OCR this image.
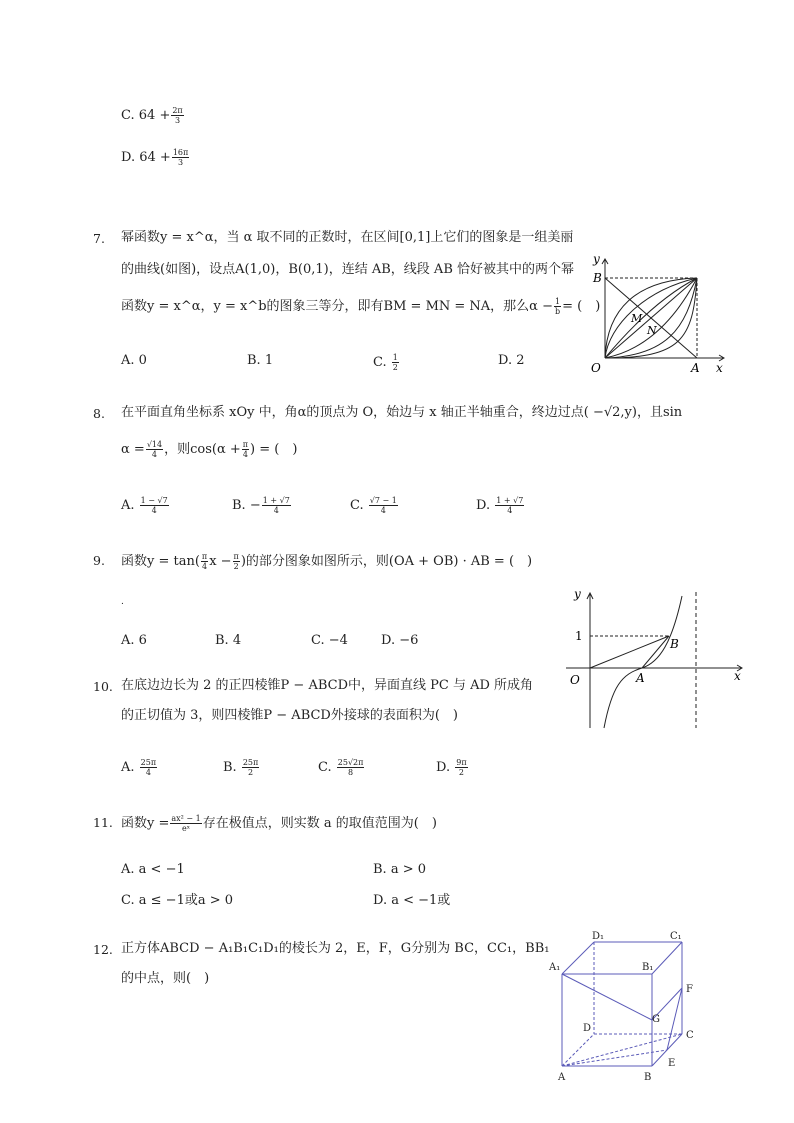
C. $64 + \frac{2\pi}{3}$
D. $64 + \frac{16\pi}{3}$
7. 幂函数y = x^α，当 α 取不同的正数时，在区间[0,1]上它们的图象是一组美丽
的曲线(如图)，设点A(1,0)，B(0,1)，连结 AB，线段 AB 恰好被其中的两个幂
函数y = x^α，y = x^b的图象三等分，即有BM = MN = NA，那么$\alpha - \frac{1}{b}$ = (　)
A. 0	B. 1	C. $\frac{1}{2}$	D. 2
y
B
O	A x
M
N
8. 在平面直角坐标系 xOy 中，角α的顶点为 O，始边与 x 轴正半轴重合，终边过点( −√2,y)，且sin
$\alpha = \frac{√14}{4}$ ，则$\cos(\alpha + \frac{\pi}{4}$ ) = (　)
A. $\frac{1 - √7}{4}$	B. − $\frac{1 + √7}{4}$	C. $\frac{√7 - 1}{4}$	D. $\frac{1 + √7}{4}$
9. 函数$y = \tan( \frac{\pi}{4}$ $x - \frac{\pi}{2}$ )的部分图象如图所示，则(OA + OB) · AB = (　)
.
A. 6	B. 4	C. −4	D. −6
y
1
O	A
B
x
10. 在底边边长为 2 的正四棱锥P − ABCD中，异面直线 PC 与 AD 所成角
的正切值为 3，则四棱锥P − ABCD外接球的表面积为(　)
A. $\frac{25\pi}{4}$	B. $\frac{25\pi}{2}$	C. $\frac{25√2\pi}{8}$	D. $\frac{9\pi}{2}$
11. 函数$y = \frac{\text{ax² − 1}}{\text{eˣ}}$ 存在极值点，则实数 a 的取值范围为(　)
A. a < −1	B. a > 0
C. a ≤ −1或a > 0	D. a < −1或
12. 正方体ABCD − A₁B₁C₁D₁的棱长为 2，E，F，G分别为 BC，CC₁，BB₁
的中点，则(　)
D₁	C₁
A₁	B₁
F
G
D
C
E
A	B
